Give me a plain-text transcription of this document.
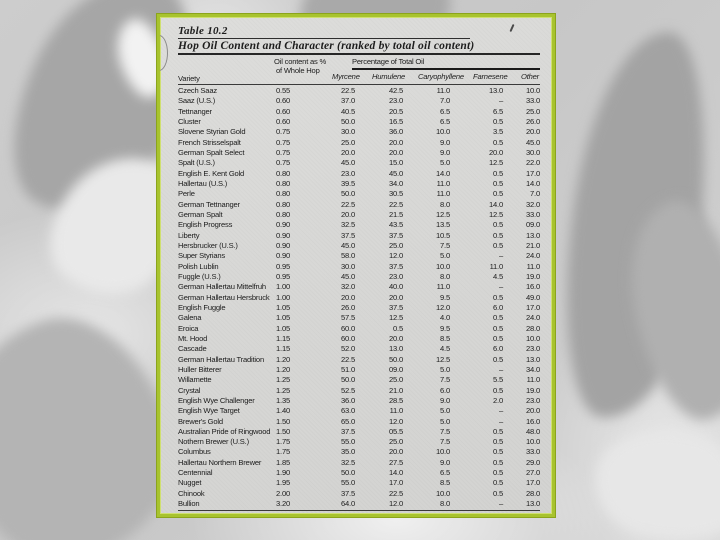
Table 10.2
Hop Oil Content and Character (ranked by total oil content)
Variety
Oil content as %
of Whole Hop
Percentage of Total Oil
Myrcene Humulene Caryophyllene Farnesene Other
Czech Saaz	0.55	22.5	42.5	11.0	13.0	10.0
Saaz (U.S.)	0.60	37.0	23.0	7.0	–	33.0
Tettnanger	0.60	40.5	20.5	6.5	6.5	25.0
Cluster	0.60	50.0	16.5	6.5	0.5	26.0
Slovene Styrian Gold	0.75	30.0	36.0	10.0	3.5	20.0
French Strisselspalt	0.75	25.0	20.0	9.0	0.5	45.0
German Spalt Select	0.75	20.0	20.0	9.0	20.0	30.0
Spalt (U.S.)	0.75	45.0	15.0	5.0	12.5	22.0
English E. Kent Gold	0.80	23.0	45.0	14.0	0.5	17.0
Hallertau (U.S.)	0.80	39.5	34.0	11.0	0.5	14.0
Perle	0.80	50.0	30.5	11.0	0.5	7.0
German Tettnanger	0.80	22.5	22.5	8.0	14.0	32.0
German Spalt	0.80	20.0	21.5	12.5	12.5	33.0
English Progress	0.90	32.5	43.5	13.5	0.5	09.0
Liberty	0.90	37.5	37.5	10.5	0.5	13.0
Hersbrucker (U.S.)	0.90	45.0	25.0	7.5	0.5	21.0
Super Styrians	0.90	58.0	12.0	5.0	–	24.0
Polish Lublin	0.95	30.0	37.5	10.0	11.0	11.0
Fuggle (U.S.)	0.95	45.0	23.0	8.0	4.5	19.0
German Hallertau Mittelfruh	1.00	32.0	40.0	11.0	–	16.0
German Hallertau Hersbruck 1.00	20.0	20.0	9.5	0.5	49.0
English Fuggle	1.05	26.0	37.5	12.0	6.0	17.0
Galena	1.05	57.5	12.5	4.0	0.5	24.0
Eroica	1.05	60.0	0.5	9.5	0.5	28.0
Mt. Hood	1.15	60.0	20.0	8.5	0.5	10.0
Cascade	1.15	52.0	13.0	4.5	6.0	23.0
German Hallertau Tradition	1.20	22.5	50.0	12.5	0.5	13.0
Huller Bitterer	1.20	51.0	09.0	5.0	–	34.0
Willamette	1.25	50.0	25.0	7.5	5.5	11.0
Crystal	1.25	52.5	21.0	6.0	0.5	19.0
English Wye Challenger	1.35	36.0	28.5	9.0	2.0	23.0
English Wye Target	1.40	63.0	11.0	5.0	–	20.0
Brewer's Gold	1.50	65.0	12.0	5.0	–	16.0
Australian Pride of Ringwood 1.50	37.5	05.5	7.5	0.5	48.0
Nothern Brewer (U.S.)	1.75	55.0	25.0	7.5	0.5	10.0
Columbus	1.75	35.0	20.0	10.0	0.5	33.0
Hallertau Northern Brewer	1.85	32.5	27.5	9.0	0.5	29.0
Centennial	1.90	50.0	14.0	6.5	0.5	27.0
Nugget	1.95	55.0	17.0	8.5	0.5	17.0
Chinook	2.00	37.5	22.5	10.0	0.5	28.0
Bullion	3.20	64.0	12.0	8.0	–	13.0
